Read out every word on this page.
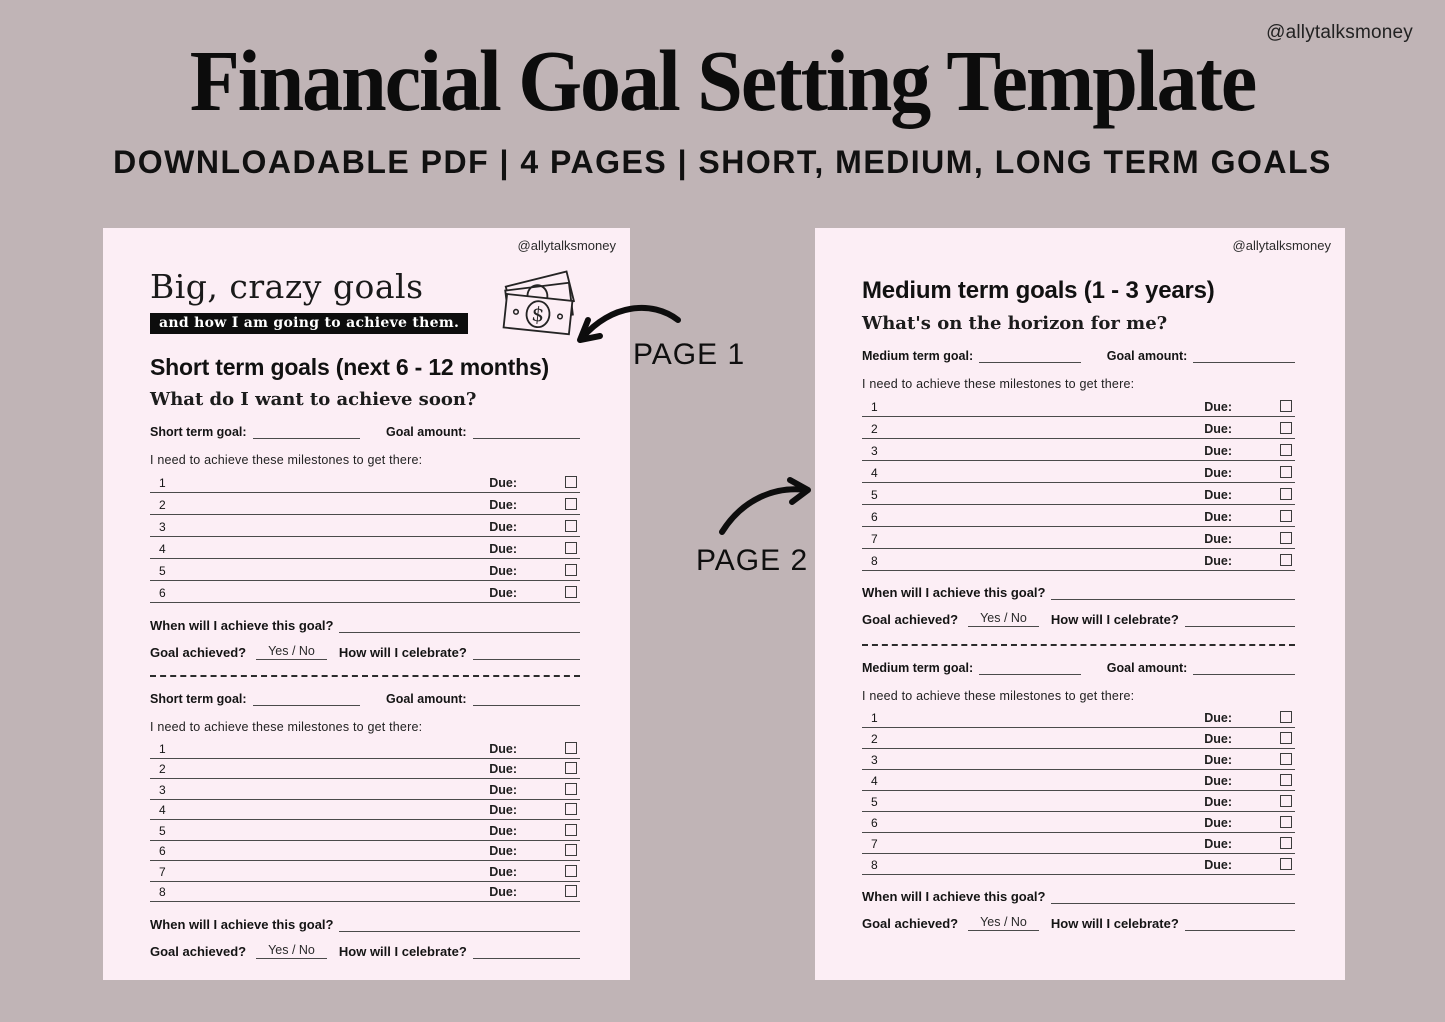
@allytalksmoney
Financial Goal Setting Template
DOWNLOADABLE PDF | 4 PAGES | SHORT, MEDIUM, LONG TERM GOALS
@allytalksmoney
Big, crazy goals
and how I am going to achieve them.	$
Short term goals (next 6 - 12 months)
What do I want to achieve soon?
Short term goal:	Goal amount:
I need to achieve these milestones to get there:
1	Due:
2	Due:
3	Due:
4	Due:
5	Due:
6	Due:
When will I achieve this goal?
Goal achieved?	Yes / No	How will I celebrate?
Short term goal:	Goal amount:
I need to achieve these milestones to get there:
1	Due:
2	Due:
3	Due:
4	Due:
5	Due:
6	Due:
7	Due:
8	Due:
When will I achieve this goal?
Goal achieved?	Yes / No	How will I celebrate?
@allytalksmoney
Medium term goals (1 - 3 years)
What's on the horizon for me?
Medium term goal:	Goal amount:
I need to achieve these milestones to get there:
1	Due:
2	Due:
3	Due:
4	Due:
5	Due:
6	Due:
7	Due:
8	Due:
When will I achieve this goal?
Goal achieved?	Yes / No	How will I celebrate?
Medium term goal:	Goal amount:
I need to achieve these milestones to get there:
1	Due:
2	Due:
3	Due:
4	Due:
5	Due:
6	Due:
7	Due:
8	Due:
When will I achieve this goal?
Goal achieved?	Yes / No	How will I celebrate?
PAGE 1
PAGE 2
